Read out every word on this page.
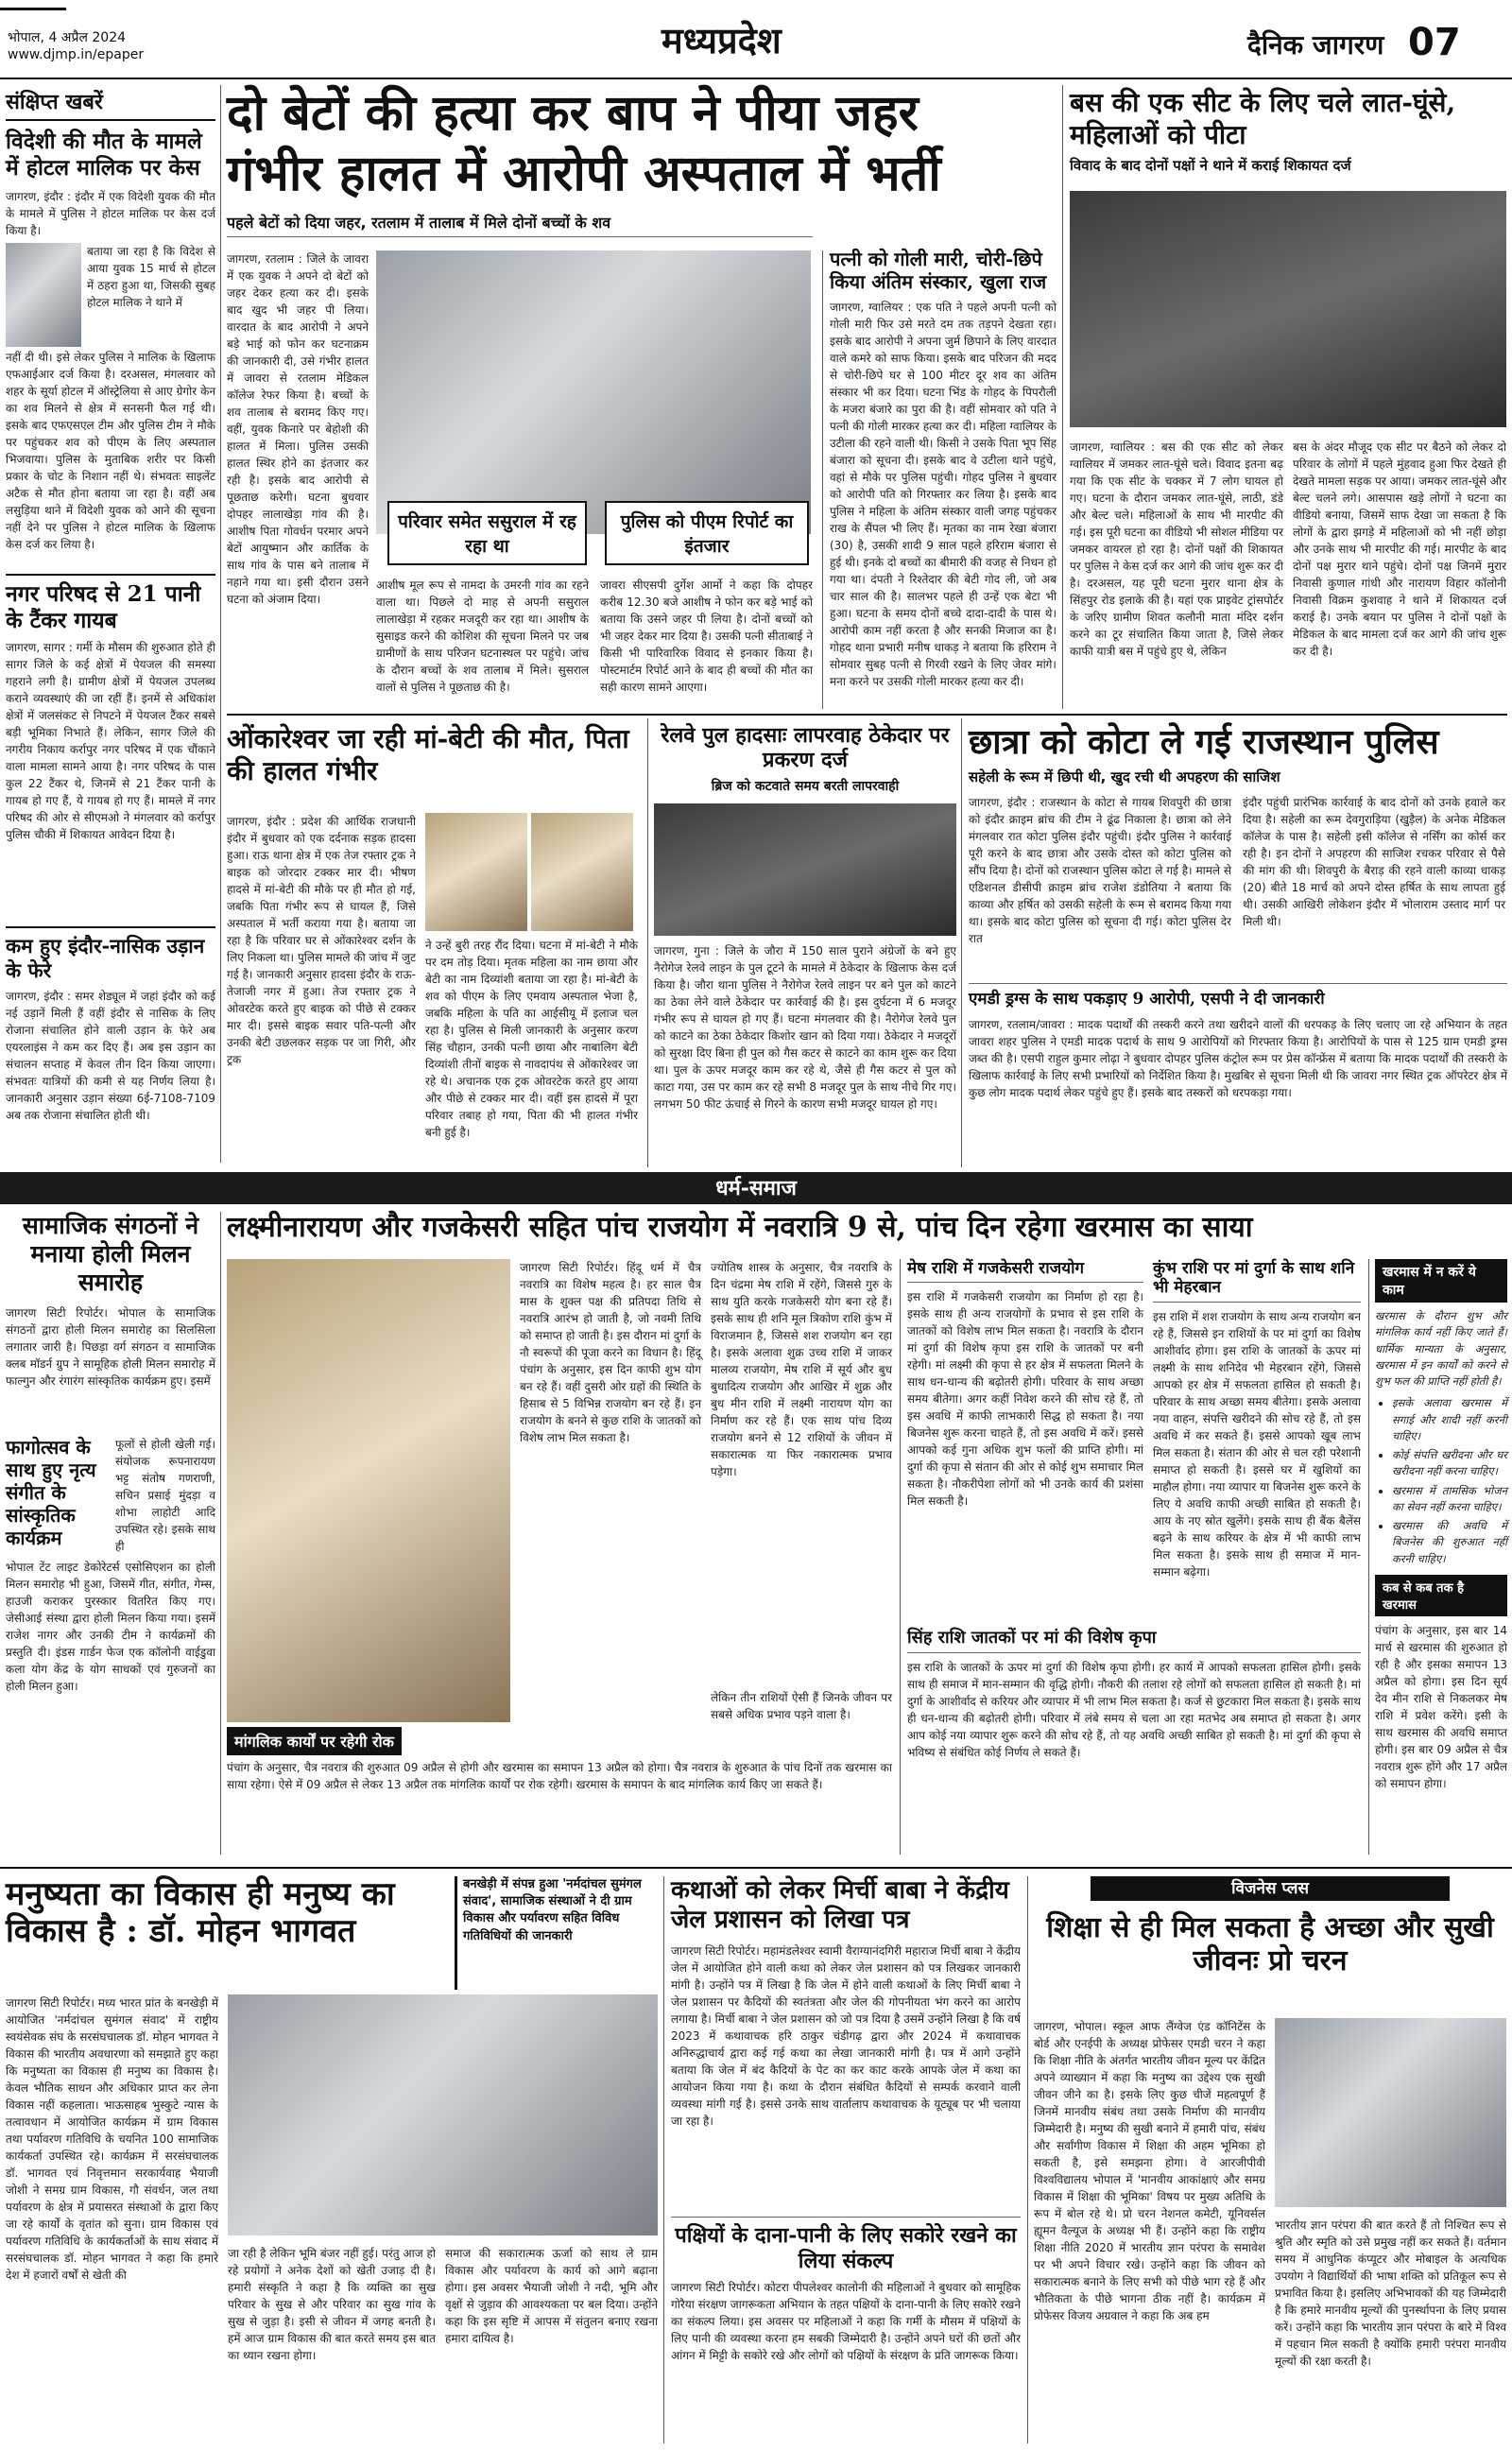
भोपाल, 4 अप्रैल 2024
www.djmp.in/epaper	मध्यप्रदेश	दैनिक जागरण 07
संक्षिप्त खबरें
विदेशी की मौत के मामले में होटल मालिक पर केस
जागरण, इंदौर : इंदौर में एक विदेशी युवक की मौत के मामले में पुलिस ने होटल मालिक पर केस दर्ज किया है।
बताया जा रहा है कि विदेश से आया युवक 15 मार्च से होटल में ठहरा हुआ था, जिसकी सुबह होटल मालिक ने थाने में
नहीं दी थी। इसे लेकर पुलिस ने मालिक के खिलाफ एफआईआर दर्ज किया है। दरअसल, मंगलवार को शहर के सूर्या होटल में ऑस्ट्रेलिया से आए ग्रेगोर केन का शव मिलने से क्षेत्र में सनसनी फैल गई थी। इसके बाद एफएसएल टीम और पुलिस टीम ने मौके पर पहुंचकर शव को पीएम के लिए अस्पताल भिजवाया। पुलिस के मुताबिक शरीर पर किसी प्रकार के चोट के निशान नहीं थे। संभवतः साइलेंट अटैक से मौत होना बताया जा रहा है। वहीं अब लसुड़िया थाने में विदेशी युवक को आने की सूचना नहीं देने पर पुलिस ने होटल मालिक के खिलाफ केस दर्ज कर लिया है।
नगर परिषद से 21 पानी के टैंकर गायब
जागरण, सागर : गर्मी के मौसम की शुरुआत होते ही सागर जिले के कई क्षेत्रों में पेयजल की समस्या गहराने लगी है। ग्रामीण क्षेत्रों में पेयजल उपलब्ध कराने व्यवस्थाएं की जा रहीं हैं। इनमें से अधिकांश क्षेत्रों में जलसंकट से निपटने में पेयजल टैंकर सबसे बड़ी भूमिका निभाते हैं। लेकिन, सागर जिले की नगरीय निकाय कर्रापुर नगर परिषद में एक चौंकाने वाला मामला सामने आया है। नगर परिषद के पास कुल 22 टैंकर थे, जिनमें से 21 टैंकर पानी के गायब हो गए हैं, ये गायब हो गए हैं। मामले में नगर परिषद की ओर से सीएमओ ने मंगलवार को कर्रापुर पुलिस चौकी में शिकायत आवेदन दिया है।
कम हुए इंदौर-नासिक उड़ान के फेरे
जागरण, इंदौर : समर शेड्यूल में जहां इंदौर को कई नई उड़ानें मिली हैं वहीं इंदौर से नासिक के लिए रोजाना संचालित होने वाली उड़ान के फेरे अब एयरलाइंस ने कम कर दिए हैं। अब इस उड़ान का संचालन सप्ताह में केवल तीन दिन किया जाएगा। संभवतः यात्रियों की कमी से यह निर्णय लिया है। जानकारी अनुसार उड़ान संख्या 6ई-7108-7109 अब तक रोजाना संचालित होती थी।
दो बेटों की हत्या कर बाप ने पीया जहर
गंभीर हालत में आरोपी अस्पताल में भर्ती
पहले बेटों को दिया जहर, रतलाम में तालाब में मिले दोनों बच्चों के शव
जागरण, रतलाम : जिले के जावरा में एक युवक ने अपने दो बेटों को जहर देकर हत्या कर दी। इसके बाद खुद भी जहर पी लिया। वारदात के बाद आरोपी ने अपने बड़े भाई को फोन कर घटनाक्रम की जानकारी दी, उसे गंभीर हालत में जावरा से रतलाम मेडिकल कॉलेज रेफर किया है। बच्चों के शव तालाब से बरामद किए गए। वहीं, युवक किनारे पर बेहोशी की हालत में मिला। पुलिस उसकी हालत स्थिर होने का इंतजार कर रही है। इसके बाद आरोपी से पूछताछ करेगी। घटना बुधवार दोपहर लालाखेड़ा गांव की है। आशीष पिता गोवर्धन परमार अपने बेटों आयुष्मान और कार्तिक के साथ गांव के पास बने तालाब में नहाने गया था। इसी दौरान उसने घटना को अंजाम दिया।
परिवार समेत ससुराल में रह रहा था
पुलिस को पीएम रिपोर्ट का इंतजार
आशीष मूल रूप से नामदा के उमरनी गांव का रहने वाला था। पिछले दो माह से अपनी ससुराल लालाखेड़ा में रहकर मजदूरी कर रहा था। आशीष के सुसाइड करने की कोशिश की सूचना मिलने पर जब ग्रामीणों के साथ परिजन घटनास्थल पर पहुंचे। जांच के दौरान बच्चों के शव तालाब में मिले। सुसराल वालों से पुलिस ने पूछताछ की है।
जावरा सीएसपी दुर्गेश आर्मो ने कहा कि दोपहर करीब 12.30 बजे आशीष ने फोन कर बड़े भाई को बताया कि उसने जहर पी लिया है। दोनों बच्चों को भी जहर देकर मार दिया है। उसकी पत्नी सीताबाई ने किसी भी पारिवारिक विवाद से इनकार किया है। पोस्टमार्टम रिपोर्ट आने के बाद ही बच्चों की मौत का सही कारण सामने आएगा।
पत्नी को गोली मारी, चोरी-छिपे किया अंतिम संस्कार, खुला राज
जागरण, ग्वालियर : एक पति ने पहले अपनी पत्नी को गोली मारी फिर उसे मरते दम तक तड़पने देखता रहा। इसके बाद आरोपी ने अपना जुर्म छिपाने के लिए वारदात वाले कमरे को साफ किया। इसके बाद परिजन की मदद से चोरी-छिपे घर से 100 मीटर दूर शव का अंतिम संस्कार भी कर दिया। घटना भिंड के गोहद के पिपरौली के मजरा बंजारे का पुरा की है। वहीं सोमवार को पति ने पत्नी की गोली मारकर हत्या कर दी। महिला ग्वालियर के उटीला की रहने वाली थी। किसी ने उसके पिता भूप सिंह बंजारा को सूचना दी। इसके बाद वे उटीला थाने पहुंचे, वहां से मौके पर पुलिस पहुंची। गोहद पुलिस ने बुधवार को आरोपी पति को गिरफ्तार कर लिया है। इसके बाद पुलिस ने महिला के अंतिम संस्कार वाली जगह पहुंचकर राख के सैंपल भी लिए हैं। मृतका का नाम रेखा बंजारा (30) है, उसकी शादी 9 साल पहले हरिराम बंजारा से हुई थी। इनके दो बच्चों का बीमारी की वजह से निधन हो गया था। दंपती ने रिश्तेदार की बेटी गोद ली, जो अब चार साल की है। सालभर पहले ही उन्हें एक बेटा भी हुआ। घटना के समय दोनों बच्चे दादा-दादी के पास थे। आरोपी काम नहीं करता है और सनकी मिजाज का है। गोहद थाना प्रभारी मनीष धाकड़ ने बताया कि हरिराम ने सोमवार सुबह पत्नी से गिरवी रखने के लिए जेवर मांगे। मना करने पर उसकी गोली मारकर हत्या कर दी।
बस की एक सीट के लिए चले लात-घूंसे, महिलाओं को पीटा
विवाद के बाद दोनों पक्षों ने थाने में कराई शिकायत दर्ज
जागरण, ग्वालियर : बस की एक सीट को लेकर ग्वालियर में जमकर लात-घूंसे चले। विवाद इतना बढ़ गया कि एक सीट के चक्कर में 7 लोग घायल हो गए। घटना के दौरान जमकर लात-घूंसे, लाठी, डंडे और बेल्ट चले। महिलाओं के साथ भी मारपीट की गई। इस पूरी घटना का वीडियो भी सोशल मीडिया पर जमकर वायरल हो रहा है। दोनों पक्षों की शिकायत पर पुलिस ने केस दर्ज कर आगे की जांच शुरू कर दी है। दरअसल, यह पूरी घटना मुरार थाना क्षेत्र के सिंहपुर रोड इलाके की है। यहां एक प्राइवेट ट्रांसपोर्टर के जरिए ग्रामीण शिवत कलौनी माता मंदिर दर्शन करने का टूर संचालित किया जाता है, जिसे लेकर काफी यात्री बस में पहुंचे हुए थे, लेकिन
बस के अंदर मौजूद एक सीट पर बैठने को लेकर दो परिवार के लोगों में पहले मुंहवाद हुआ फिर देखते ही देखते मामला सड़क पर आया। जमकर लात-घूंसे और बेल्ट चलने लगे। आसपास खड़े लोगों ने घटना का वीडियो बनाया, जिसमें साफ देखा जा सकता है कि लोगों के द्वारा झगड़े में महिलाओं को भी नहीं छोड़ा और उनके साथ भी मारपीट की गई। मारपीट के बाद दोनों पक्ष मुरार थाने पहुंचे। दोनों पक्ष जिनमें मुरार निवासी कुणाल गांधी और नारायण विहार कॉलोनी निवासी विक्रम कुशवाह ने थाने में शिकायत दर्ज कराई है। उनके बयान पर पुलिस ने दोनों पक्षों के मेडिकल के बाद मामला दर्ज कर आगे की जांच शुरू कर दी है।
ओंकारेश्वर जा रही मां-बेटी की मौत, पिता की हालत गंभीर
जागरण, इंदौर : प्रदेश की आर्थिक राजधानी इंदौर में बुधवार को एक दर्दनाक सड़क हादसा हुआ। राऊ थाना क्षेत्र में एक तेज रफ्तार ट्रक ने बाइक को जोरदार टक्कर मार दी। भीषण हादसे में मां-बेटी की मौके पर ही मौत हो गई, जबकि पिता गंभीर रूप से घायल हैं, जिसे अस्पताल में भर्ती कराया गया है। बताया जा रहा है कि परिवार घर से ओंकारेश्वर दर्शन के लिए निकला था। पुलिस मामले की जांच में जुट गई है। जानकारी अनुसार हादसा इंदौर के राऊ-तेजाजी नगर में हुआ। तेज रफ्तार ट्रक ने ओवरटेक करते हुए बाइक को पीछे से टक्कर मार दी। इससे बाइक सवार पति-पत्नी और उनकी बेटी उछलकर सड़क पर जा गिरी, और ट्रक
ने उन्हें बुरी तरह रौंद दिया। घटना में मां-बेटी ने मौके पर दम तोड़ दिया। मृतक महिला का नाम छाया और बेटी का नाम दिव्यांशी बताया जा रहा है। मां-बेटी के शव को पीएम के लिए एमवाय अस्पताल भेजा है, जबकि महिला के पति का आईसीयू में इलाज चल रहा है। पुलिस से मिली जानकारी के अनुसार करण सिंह चौहान, उनकी पत्नी छाया और नाबालिग बेटी दिव्यांशी तीनों बाइक से नावदापंथ से ओंकारेश्वर जा रहे थे। अचानक एक ट्रक ओवरटेक करते हुए आया और पीछे से टक्कर मार दी। वहीं इस हादसे में पूरा परिवार तबाह हो गया, पिता की भी हालत गंभीर बनी हुई है।
रेलवे पुल हादसाः लापरवाह ठेकेदार पर प्रकरण दर्ज
ब्रिज को कटवाते समय बरती लापरवाही
जागरण, गुना : जिले के जौरा में 150 साल पुराने अंग्रेजों के बने हुए नैरोगेज रेलवे लाइन के पुल टूटने के मामले में ठेकेदार के खिलाफ केस दर्ज किया है। जौरा थाना पुलिस ने नैरोगेज रेलवे लाइन पर बने पुल को काटने का ठेका लेने वाले ठेकेदार पर कार्रवाई की है। इस दुर्घटना में 6 मजदूर गंभीर रूप से घायल हो गए हैं। घटना मंगलवार की है। नैरोगेज रेलवे पुल को काटने का ठेका ठेकेदार किशोर खान को दिया गया। ठेकेदार ने मजदूरों को सुरक्षा दिए बिना ही पुल को गैस कटर से काटने का काम शुरू कर दिया था। पुल के ऊपर मजदूर काम कर रहे थे, जैसे ही गैस कटर से पुल को काटा गया, उस पर काम कर रहे सभी 8 मजदूर पुल के साथ नीचे गिर गए। लगभग 50 फीट ऊंचाई से गिरने के कारण सभी मजदूर घायल हो गए।
छात्रा को कोटा ले गई राजस्थान पुलिस
सहेली के रूम में छिपी थी, खुद रची थी अपहरण की साजिश
जागरण, इंदौर : राजस्थान के कोटा से गायब शिवपुरी की छात्रा को इंदौर क्राइम ब्रांच की टीम ने ढूंढ निकाला है। छात्रा को लेने मंगलवार रात कोटा पुलिस इंदौर पहुंची। इंदौर पुलिस ने कार्रवाई पूरी करने के बाद छात्रा और उसके दोस्त को कोटा पुलिस को सौंप दिया है। दोनों को राजस्थान पुलिस कोटा ले गई है। मामले से एडिशनल डीसीपी क्राइम ब्रांच राजेश डंडोतिया ने बताया कि काव्या और हर्षित को उसकी सहेली के रूम से बरामद किया गया था। इसके बाद कोटा पुलिस को सूचना दी गई। कोटा पुलिस देर रात
इंदौर पहुंची प्रारंभिक कार्रवाई के बाद दोनों को उनके हवाले कर दिया है। सहेली का रूम देवगुराड़िया (खुड़ैल) के अनेक मेडिकल कॉलेज के पास है। सहेली इसी कॉलेज से नर्सिंग का कोर्स कर रही है। इन दोनों ने अपहरण की साजिश रचकर परिवार से पैसे की मांग की थी। शिवपुरी के बैराड़ की रहने वाली काव्या धाकड़ (20) बीते 18 मार्च को अपने दोस्त हर्षित के साथ लापता हुई थी। उसकी आखिरी लोकेशन इंदौर में भोलाराम उस्ताद मार्ग पर मिली थी।
एमडी ड्रग्स के साथ पकड़ाए 9 आरोपी, एसपी ने दी जानकारी
जागरण, रतलाम/जावरा : मादक पदार्थों की तस्करी करने तथा खरीदने वालों की धरपकड़ के लिए चलाए जा रहे अभियान के तहत जावरा शहर पुलिस ने एमडी मादक पदार्थ के साथ 9 आरोपियों को गिरफ्तार किया है। आरोपियों के पास से 125 ग्राम एमडी ड्रग्स जब्त की है। एसपी राहुल कुमार लोढ़ा ने बुधवार दोपहर पुलिस कंट्रोल रूम पर प्रेस कॉन्फ्रेंस में बताया कि मादक पदार्थों की तस्करी के खिलाफ कार्रवाई के लिए सभी प्रभारियों को निर्देशित किया है। मुखबिर से सूचना मिली थी कि जावरा नगर स्थित ट्रक ऑपरेटर क्षेत्र में कुछ लोग मादक पदार्थ लेकर पहुंचे हुए हैं। इसके बाद तस्करों को धरपकड़ा गया।
धर्म-समाज
सामाजिक संगठनों ने मनाया होली मिलन समारोह
जागरण सिटी रिपोर्टर। भोपाल के सामाजिक संगठनों द्वारा होली मिलन समारोह का सिलसिला लगातार जारी है। पिछड़ा वर्ग संगठन व सामाजिक क्लब मॉडर्न ग्रुप ने सामूहिक होली मिलन समारोह में फाल्गुन और रंगारंग सांस्कृतिक कार्यक्रम हुए। इसमें
फागोत्सव के साथ हुए नृत्य संगीत के सांस्कृतिक कार्यक्रम
फूलों से होली खेली गई। संयोजक रूपनारायण भट्ट संतोष गणराणी, सचिन प्रसाई मुंदड़ा व शोभा लाहोटी आदि उपस्थित रहे। इसके साथ ही
भोपाल टेंट लाइट डेकोरेटर्स एसोसिएशन का होली मिलन समारोह भी हुआ, जिसमें गीत, संगीत, गेम्स, हाउजी कराकर पुरस्कार वितरित किए गए। जेसीआई संस्था द्वारा होली मिलन किया गया। इसमें राजेश नागर और उनकी टीम ने कार्यक्रमों की प्रस्तुति दी। इंडस गार्डन फेज एक कॉलोनी वाईडुवा कला योग केंद्र के योग साधकों एवं गुरुजनों का होली मिलन हुआ।
लक्ष्मीनारायण और गजकेसरी सहित पांच राजयोग में नवरात्रि 9 से, पांच दिन रहेगा खरमास का साया
जागरण सिटी रिपोर्टर। हिंदू धर्म में चैत्र नवरात्रि का विशेष महत्व है। हर साल चैत्र मास के शुक्ल पक्ष की प्रतिपदा तिथि से नवरात्रि आरंभ हो जाती है, जो नवमी तिथि को समाप्त हो जाती है। इस दौरान मां दुर्गा के नौ स्वरूपों की पूजा करने का विधान है। हिंदू पंचांग के अनुसार, इस दिन काफी शुभ योग बन रहे हैं। वहीं दुसरी ओर ग्रहों की स्थिति के हिसाब से 5 विभिन्न राजयोग बन रहे हैं। इन राजयोग के बनने से कुछ राशि के जातकों को विशेष लाभ मिल सकता है।
ज्योतिष शास्त्र के अनुसार, चैत्र नवरात्रि के दिन चंद्रमा मेष राशि में रहेंगे, जिससे गुरु के साथ युति करके गजकेसरी योग बना रहे हैं। इसके साथ ही शनि मूल त्रिकोण राशि कुंभ में विराजमान है, जिससे शश राजयोग बन रहा है। इसके अलावा शुक्र उच्च राशि में जाकर मालव्य राजयोग, मेष राशि में सूर्य और बुध बुधादित्य राजयोग और आखिर में शुक्र और बुध मीन राशि में लक्ष्मी नारायण योग का निर्माण कर रहे हैं। एक साथ पांच दिव्य राजयोग बनने से 12 राशियों के जीवन में सकारात्मक या फिर नकारात्मक प्रभाव पड़ेगा।
लेकिन तीन राशियों ऐसी हैं जिनके जीवन पर सबसे अधिक प्रभाव पड़ने वाला है।
मांगलिक कार्यों पर रहेगी रोक
पंचांग के अनुसार, चैत्र नवरात्र की शुरुआत 09 अप्रैल से होगी और खरमास का समापन 13 अप्रैल को होगा। चैत्र नवरात्र के शुरुआत के पांच दिनों तक खरमास का साया रहेगा। ऐसे में 09 अप्रैल से लेकर 13 अप्रैल तक मांगलिक कार्यों पर रोक रहेगी। खरमास के समापन के बाद मांगलिक कार्य किए जा सकते हैं।
मेष राशि में गजकेसरी राजयोग
इस राशि में गजकेसरी राजयोग का निर्माण हो रहा है। इसके साथ ही अन्य राजयोगों के प्रभाव से इस राशि के जातकों को विशेष लाभ मिल सकता है। नवरात्रि के दौरान मां दुर्गा की विशेष कृपा इस राशि के जातकों पर बनी रहेगी। मां लक्ष्मी की कृपा से हर क्षेत्र में सफलता मिलने के साथ धन-धान्य की बढ़ोतरी होगी। परिवार के साथ अच्छा समय बीतेगा। अगर कहीं निवेश करने की सोच रहे हैं, तो इस अवधि में काफी लाभकारी सिद्ध हो सकता है। नया बिजनेस शुरू करना चाहते हैं, तो इस अवधि में करें। इससे आपको कई गुना अधिक शुभ फलों की प्राप्ति होगी। मां दुर्गा की कृपा से संतान की ओर से कोई शुभ समाचार मिल सकता है। नौकरीपेशा लोगों को भी उनके कार्य की प्रशंसा मिल सकती है।
कुंभ राशि पर मां दुर्गा के साथ शनि भी मेहरबान
इस राशि में शश राजयोग के साथ अन्य राजयोग बन रहे हैं, जिससे इन राशियों के पर मां दुर्गा का विशेष आशीर्वाद होगा। इस राशि के जातकों के ऊपर मां लक्ष्मी के साथ शनिदेव भी मेहरबान रहेंगे, जिससे आपको हर क्षेत्र में सफलता हासिल हो सकती है। परिवार के साथ अच्छा समय बीतेगा। इसके अलावा नया वाहन, संपत्ति खरीदने की सोच रहे हैं, तो इस अवधि में कर सकते हैं। इससे आपको खूब लाभ मिल सकता है। संतान की ओर से चल रही परेशानी समाप्त हो सकती है। इससे घर में खुशियों का माहौल होगा। नया व्यापार या बिजनेस शुरू करने के लिए ये अवधि काफी अच्छी साबित हो सकती है। आय के नए स्रोत खुलेंगे। इसके साथ ही बैंक बैलेंस बढ़ने के साथ करियर के क्षेत्र में भी काफी लाभ मिल सकता है। इसके साथ ही समाज में मान-सम्मान बढ़ेगा।
सिंह राशि जातकों पर मां की विशेष कृपा
इस राशि के जातकों के ऊपर मां दुर्गा की विशेष कृपा होगी। हर कार्य में आपको सफलता हासिल होगी। इसके साथ ही समाज में मान-सम्मान की वृद्धि होगी। नौकरी की तलाश रहे लोगों को सफलता हासिल हो सकती है। मां दुर्गा के आशीर्वाद से करियर और व्यापार में भी लाभ मिल सकता है। कर्ज से छुटकारा मिल सकता है। इसके साथ ही धन-धान्य की बढ़ोतरी होगी। परिवार में लंबे समय से चला आ रहा मतभेद अब समाप्त हो सकता है। अगर आप कोई नया व्यापार शुरू करने की सोच रहे हैं, तो यह अवधि अच्छी साबित हो सकती है। मां दुर्गा की कृपा से भविष्य से संबंधित कोई निर्णय ले सकते हैं।
खरमास में न करें ये काम
खरमास के दौरान शुभ और मांगलिक कार्य नहीं किए जाते हैं। धार्मिक मान्यता के अनुसार, खरमास में इन कार्यों को करने से शुभ फल की प्राप्ति नहीं होती है।
• इसके अलावा खरमास में सगाई और शादी नहीं करनी चाहिए।
• कोई संपत्ति खरीदना और घर खरीदना नहीं करना चाहिए।
• खरमास में तामसिक भोजन का सेवन नहीं करना चाहिए।
• खरमास की अवधि में बिजनेस की शुरुआत नहीं करनी चाहिए।
कब से कब तक है खरमास
पंचांग के अनुसार, इस बार 14 मार्च से खरमास की शुरुआत हो रही है और इसका समापन 13 अप्रैल को होगा। इस दिन सूर्य देव मीन राशि से निकलकर मेष राशि में प्रवेश करेंगे। इसी के साथ खरमास की अवधि समाप्त होगी। इस बार 09 अप्रैल से चैत्र नवरात्र शुरू होंगे और 17 अप्रैल को समापन होगा।
मनुष्यता का विकास ही मनुष्य का विकास है : डॉ. मोहन भागवत
बनखेड़ी में संपन्न हुआ 'नर्मदांचल सुमंगल संवाद', सामाजिक संस्थाओं ने दी ग्राम विकास और पर्यावरण सहित विविध गतिविधियों की जानकारी
जागरण सिटी रिपोर्टर। मध्य भारत प्रांत के बनखेड़ी में आयोजित 'नर्मदांचल सुमंगल संवाद' में राष्ट्रीय स्वयंसेवक संघ के सरसंघचालक डॉ. मोहन भागवत ने विकास की भारतीय अवधारणा को समझाते हुए कहा कि मनुष्यता का विकास ही मनुष्य का विकास है। केवल भौतिक साधन और अधिकार प्राप्त कर लेना विकास नहीं कहलाता। भाऊसाहब भुस्कुटे न्यास के तत्वावधान में आयोजित कार्यक्रम में ग्राम विकास तथा पर्यावरण गतिविधि के चयनित 100 सामाजिक कार्यकर्ता उपस्थित रहे। कार्यक्रम में सरसंघचालक डॉ. भागवत एवं निवृत्तमान सरकार्यवाह भैयाजी जोशी ने समग्र ग्राम विकास, गौ संवर्धन, जल तथा पर्यावरण के क्षेत्र में प्रयासरत संस्थाओं के द्वारा किए जा रहे कार्यों के वृतांत को सुना। ग्राम विकास एवं पर्यावरण गतिविधि के कार्यकर्ताओं के साथ संवाद में सरसंघचालक डॉ. मोहन भागवत ने कहा कि हमारे देश में हजारों वर्षों से खेती की
जा रही है लेकिन भूमि बंजर नहीं हुई। परंतु आज हो रहे प्रयोगों ने अनेक देशों को खेती उजाड़ दी है। हमारी संस्कृति ने कहा है कि व्यक्ति का सुख परिवार के सुख से और परिवार का सुख गांव के सुख से जुड़ा है। इसी से जीवन में जगह बनती है। हमें आज ग्राम विकास की बात करते समय इस बात का ध्यान रखना होगा।
समाज की सकारात्मक ऊर्जा को साथ ले ग्राम विकास और पर्यावरण के कार्य को आगे बढ़ाना होगा। इस अवसर भैयाजी जोशी ने नदी, भूमि और वृक्षों से जुड़ाव की आवश्यकता पर बल दिया। उन्होंने कहा कि इस सृष्टि में आपस में संतुलन बनाए रखना हमारा दायित्व है।
कथाओं को लेकर मिर्ची बाबा ने केंद्रीय जेल प्रशासन को लिखा पत्र
जागरण सिटी रिपोर्टर। महामंडलेश्वर स्वामी वैराग्यानंदगिरी महाराज मिर्ची बाबा ने केंद्रीय जेल में आयोजित होने वाली कथा को लेकर जेल प्रशासन को पत्र लिखकर जानकारी मांगी है। उन्होंने पत्र में लिखा है कि जेल में होने वाली कथाओं के लिए मिर्ची बाबा ने जेल प्रशासन पर कैदियों की स्वतंत्रता और जेल की गोपनीयता भंग करने का आरोप लगाया है। मिर्ची बाबा ने जेल प्रशासन को जो पत्र दिया है उसमें उन्होंने लिखा है कि वर्ष 2023 में कथावाचक हरि ठाकुर चंडीगढ़ द्वारा और 2024 में कथावाचक अनिरुद्धाचार्य द्वारा कई गई कथा का लेखा जानकारी मांगी है। पत्र में आगे उन्होंने बताया कि जेल में बंद कैदियों के पेट का कर काट करके आपके जेल में कथा का आयोजन किया गया है। कथा के दौरान संबंधित कैदियों से सम्पर्क करवाने वाली व्यवस्था मांगी गई है। इससे उनके साथ वार्तालाप कथावाचक के यूट्यूब पर भी चलाया जा रहा है।
पक्षियों के दाना-पानी के लिए सकोरे रखने का लिया संकल्प
जागरण सिटी रिपोर्टर। कोटरा पीपलेश्वर कालोनी की महिलाओं ने बुधवार को सामूहिक गोरैया संरक्षण जागरूकता अभियान के तहत पक्षियों के दाना-पानी के लिए सकोरे रखने का संकल्प लिया। इस अवसर पर महिलाओं ने कहा कि गर्मी के मौसम में पक्षियों के लिए पानी की व्यवस्था करना हम सबकी जिम्मेदारी है। उन्होंने अपने घरों की छतों और आंगन में मिट्टी के सकोरे रखे और लोगों को पक्षियों के संरक्षण के प्रति जागरूक किया।
विजनेस प्लस
शिक्षा से ही मिल सकता है अच्छा और सुखी जीवनः प्रो चरन
जागरण, भोपाल। स्कूल आफ लैंग्वेज एंड कॉनिटेंस के बोर्ड और एनईपी के अध्यक्ष प्रोफेसर एमडी चरन ने कहा कि शिक्षा नीति के अंतर्गत भारतीय जीवन मूल्य पर केंद्रित अपने व्याख्यान में कहा कि मनुष्य का उद्देश्य एक सुखी जीवन जीने का है। इसके लिए कुछ चीजें महत्वपूर्ण हैं जिनमें मानवीय संबंध तथा उसके निर्माण की मानवीय जिम्मेदारी है। मनुष्य की सुखी बनाने में हमारी पांच, संबंध और सर्वांगीण विकास में शिक्षा की अहम भूमिका हो सकती है, इसे समझना होगा। वे आरजीपीवी विश्वविद्यालय भोपाल में 'मानवीय आकांक्षाएं और समग्र विकास में शिक्षा की भूमिका' विषय पर मुख्य अतिथि के रूप में बोल रहे थे। प्रो चरन नेशनल कमेटी, यूनिवर्सल ह्यूमन वैल्यूज के अध्यक्ष भी हैं। उन्होंने कहा कि राष्ट्रीय शिक्षा नीति 2020 में भारतीय ज्ञान परंपरा के समावेश पर भी अपने विचार रखे। उन्होंने कहा कि जीवन को सकारात्मक बनाने के लिए सभी को पीछे भाग रहे हैं और भौतिकता के पीछे भागना ठीक नहीं है। कार्यक्रम में प्रोफेसर विजय अग्रवाल ने कहा कि अब हम
भारतीय ज्ञान परंपरा की बात करते हैं तो निश्चित रूप से श्रुति और स्मृति को उसे प्रमुख नहीं कर सकते हैं। वर्तमान समय में आधुनिक कंप्यूटर और मोबाइल के अत्यधिक उपयोग ने विद्यार्थियों की भाषा शक्ति को प्रतिकूल रूप से प्रभावित किया है। इसलिए अभिभावकों की यह जिम्मेदारी है कि हमारे मानवीय मूल्यों की पुनर्स्थापना के लिए प्रयास करें। उन्होंने कहा कि भारतीय ज्ञान परंपरा के बारे में विश्व में पहचान मिल सकती है क्योंकि हमारी परंपरा मानवीय मूल्यों की रक्षा करती है।
